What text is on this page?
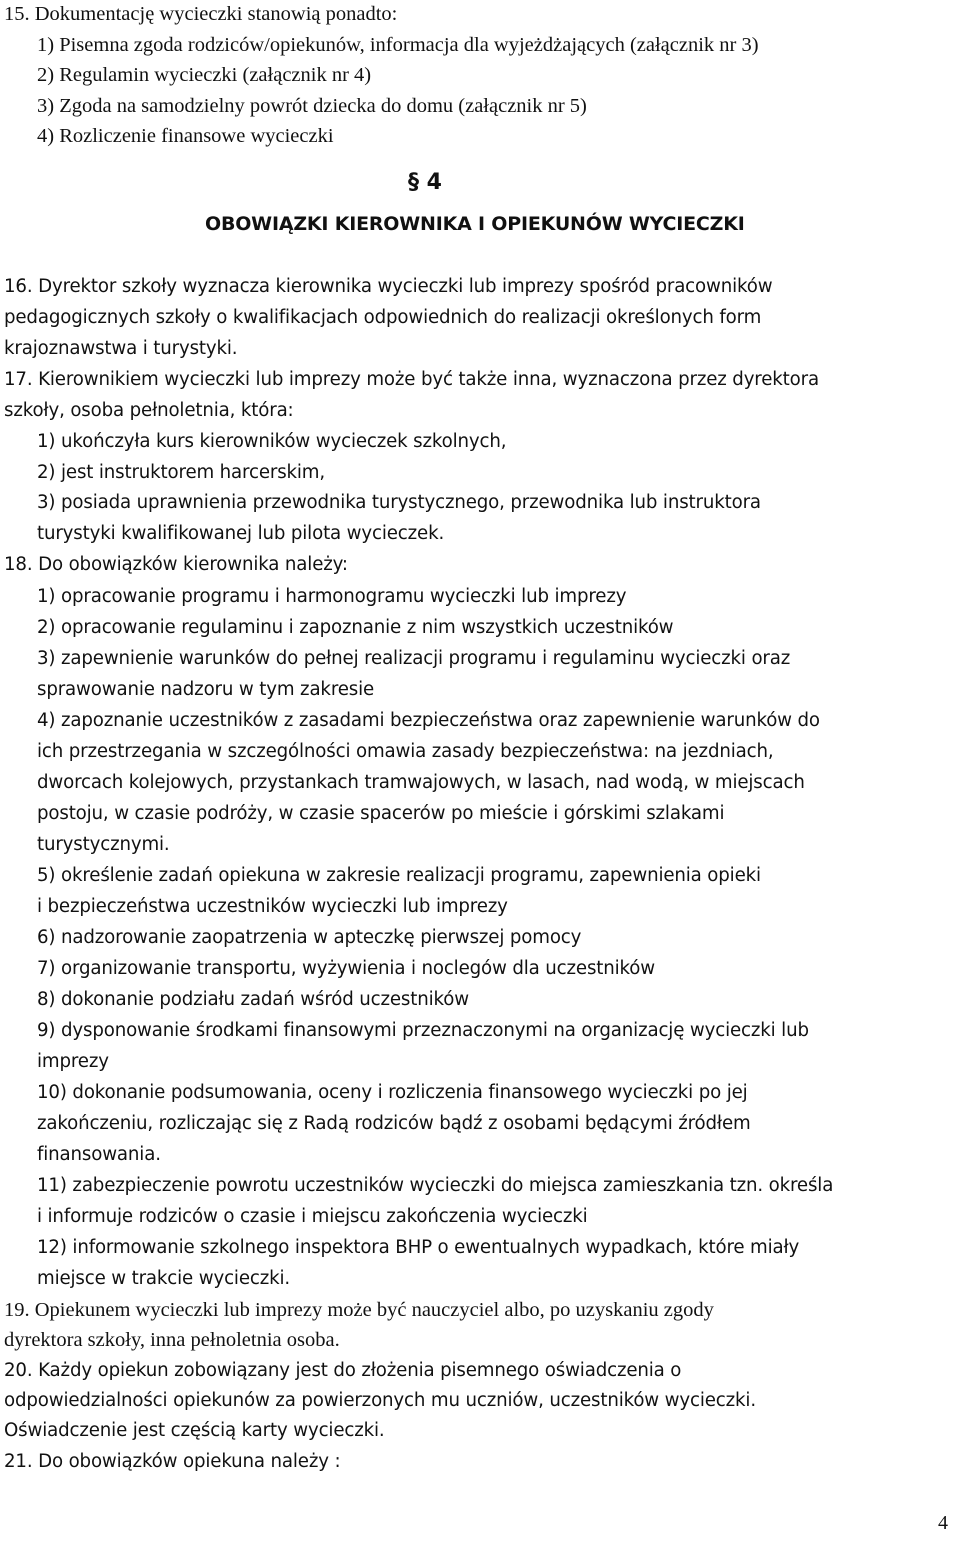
15. Dokumentację wycieczki stanowią ponadto:
1) Pisemna zgoda rodziców/opiekunów, informacja dla wyjeżdżających (załącznik nr 3)
2) Regulamin wycieczki (załącznik nr 4)
3) Zgoda na samodzielny powrót dziecka do domu (załącznik nr 5)
4) Rozliczenie finansowe wycieczki
§ 4
OBOWIĄZKI KIEROWNIKA I OPIEKUNÓW WYCIECZKI
16. Dyrektor szkoły wyznacza kierownika wycieczki lub imprezy spośród pracowników
pedagogicznych szkoły o kwalifikacjach odpowiednich do realizacji określonych form
krajoznawstwa i turystyki.
17. Kierownikiem wycieczki lub imprezy może być także inna, wyznaczona przez dyrektora
szkoły, osoba pełnoletnia, która:
1) ukończyła kurs kierowników wycieczek szkolnych,
2) jest instruktorem harcerskim,
3) posiada uprawnienia przewodnika turystycznego, przewodnika lub instruktora
turystyki kwalifikowanej lub pilota wycieczek.
18. Do obowiązków kierownika należy:
1) opracowanie programu i harmonogramu wycieczki lub imprezy
2) opracowanie regulaminu i zapoznanie z nim wszystkich uczestników
3) zapewnienie warunków do pełnej realizacji programu i regulaminu wycieczki oraz
sprawowanie nadzoru w tym zakresie
4) zapoznanie uczestników z zasadami bezpieczeństwa oraz zapewnienie warunków do
ich przestrzegania w szczególności omawia zasady bezpieczeństwa: na jezdniach,
dworcach kolejowych, przystankach tramwajowych, w lasach, nad wodą, w miejscach
postoju, w czasie podróży, w czasie spacerów po mieście i górskimi szlakami
turystycznymi.
5) określenie zadań opiekuna w zakresie realizacji programu, zapewnienia opieki
i bezpieczeństwa uczestników wycieczki lub imprezy
6) nadzorowanie zaopatrzenia w apteczkę pierwszej pomocy
7) organizowanie transportu, wyżywienia i noclegów dla uczestników
8) dokonanie podziału zadań wśród uczestników
9) dysponowanie środkami finansowymi przeznaczonymi na organizację wycieczki lub
imprezy
10) dokonanie podsumowania, oceny i rozliczenia finansowego wycieczki po jej
zakończeniu, rozliczając się z Radą rodziców bądź z osobami będącymi źródłem
finansowania.
11) zabezpieczenie powrotu uczestników wycieczki do miejsca zamieszkania tzn. określa
i informuje rodziców o czasie i miejscu zakończenia wycieczki
12) informowanie szkolnego inspektora BHP o ewentualnych wypadkach, które miały
miejsce w trakcie wycieczki.
19. Opiekunem wycieczki lub imprezy może być nauczyciel albo, po uzyskaniu zgody
dyrektora szkoły, inna pełnoletnia osoba.
20. Każdy opiekun zobowiązany jest do złożenia pisemnego oświadczenia o
odpowiedzialności opiekunów za powierzonych mu uczniów, uczestników wycieczki.
Oświadczenie jest częścią karty wycieczki.
21. Do obowiązków opiekuna należy :
4
